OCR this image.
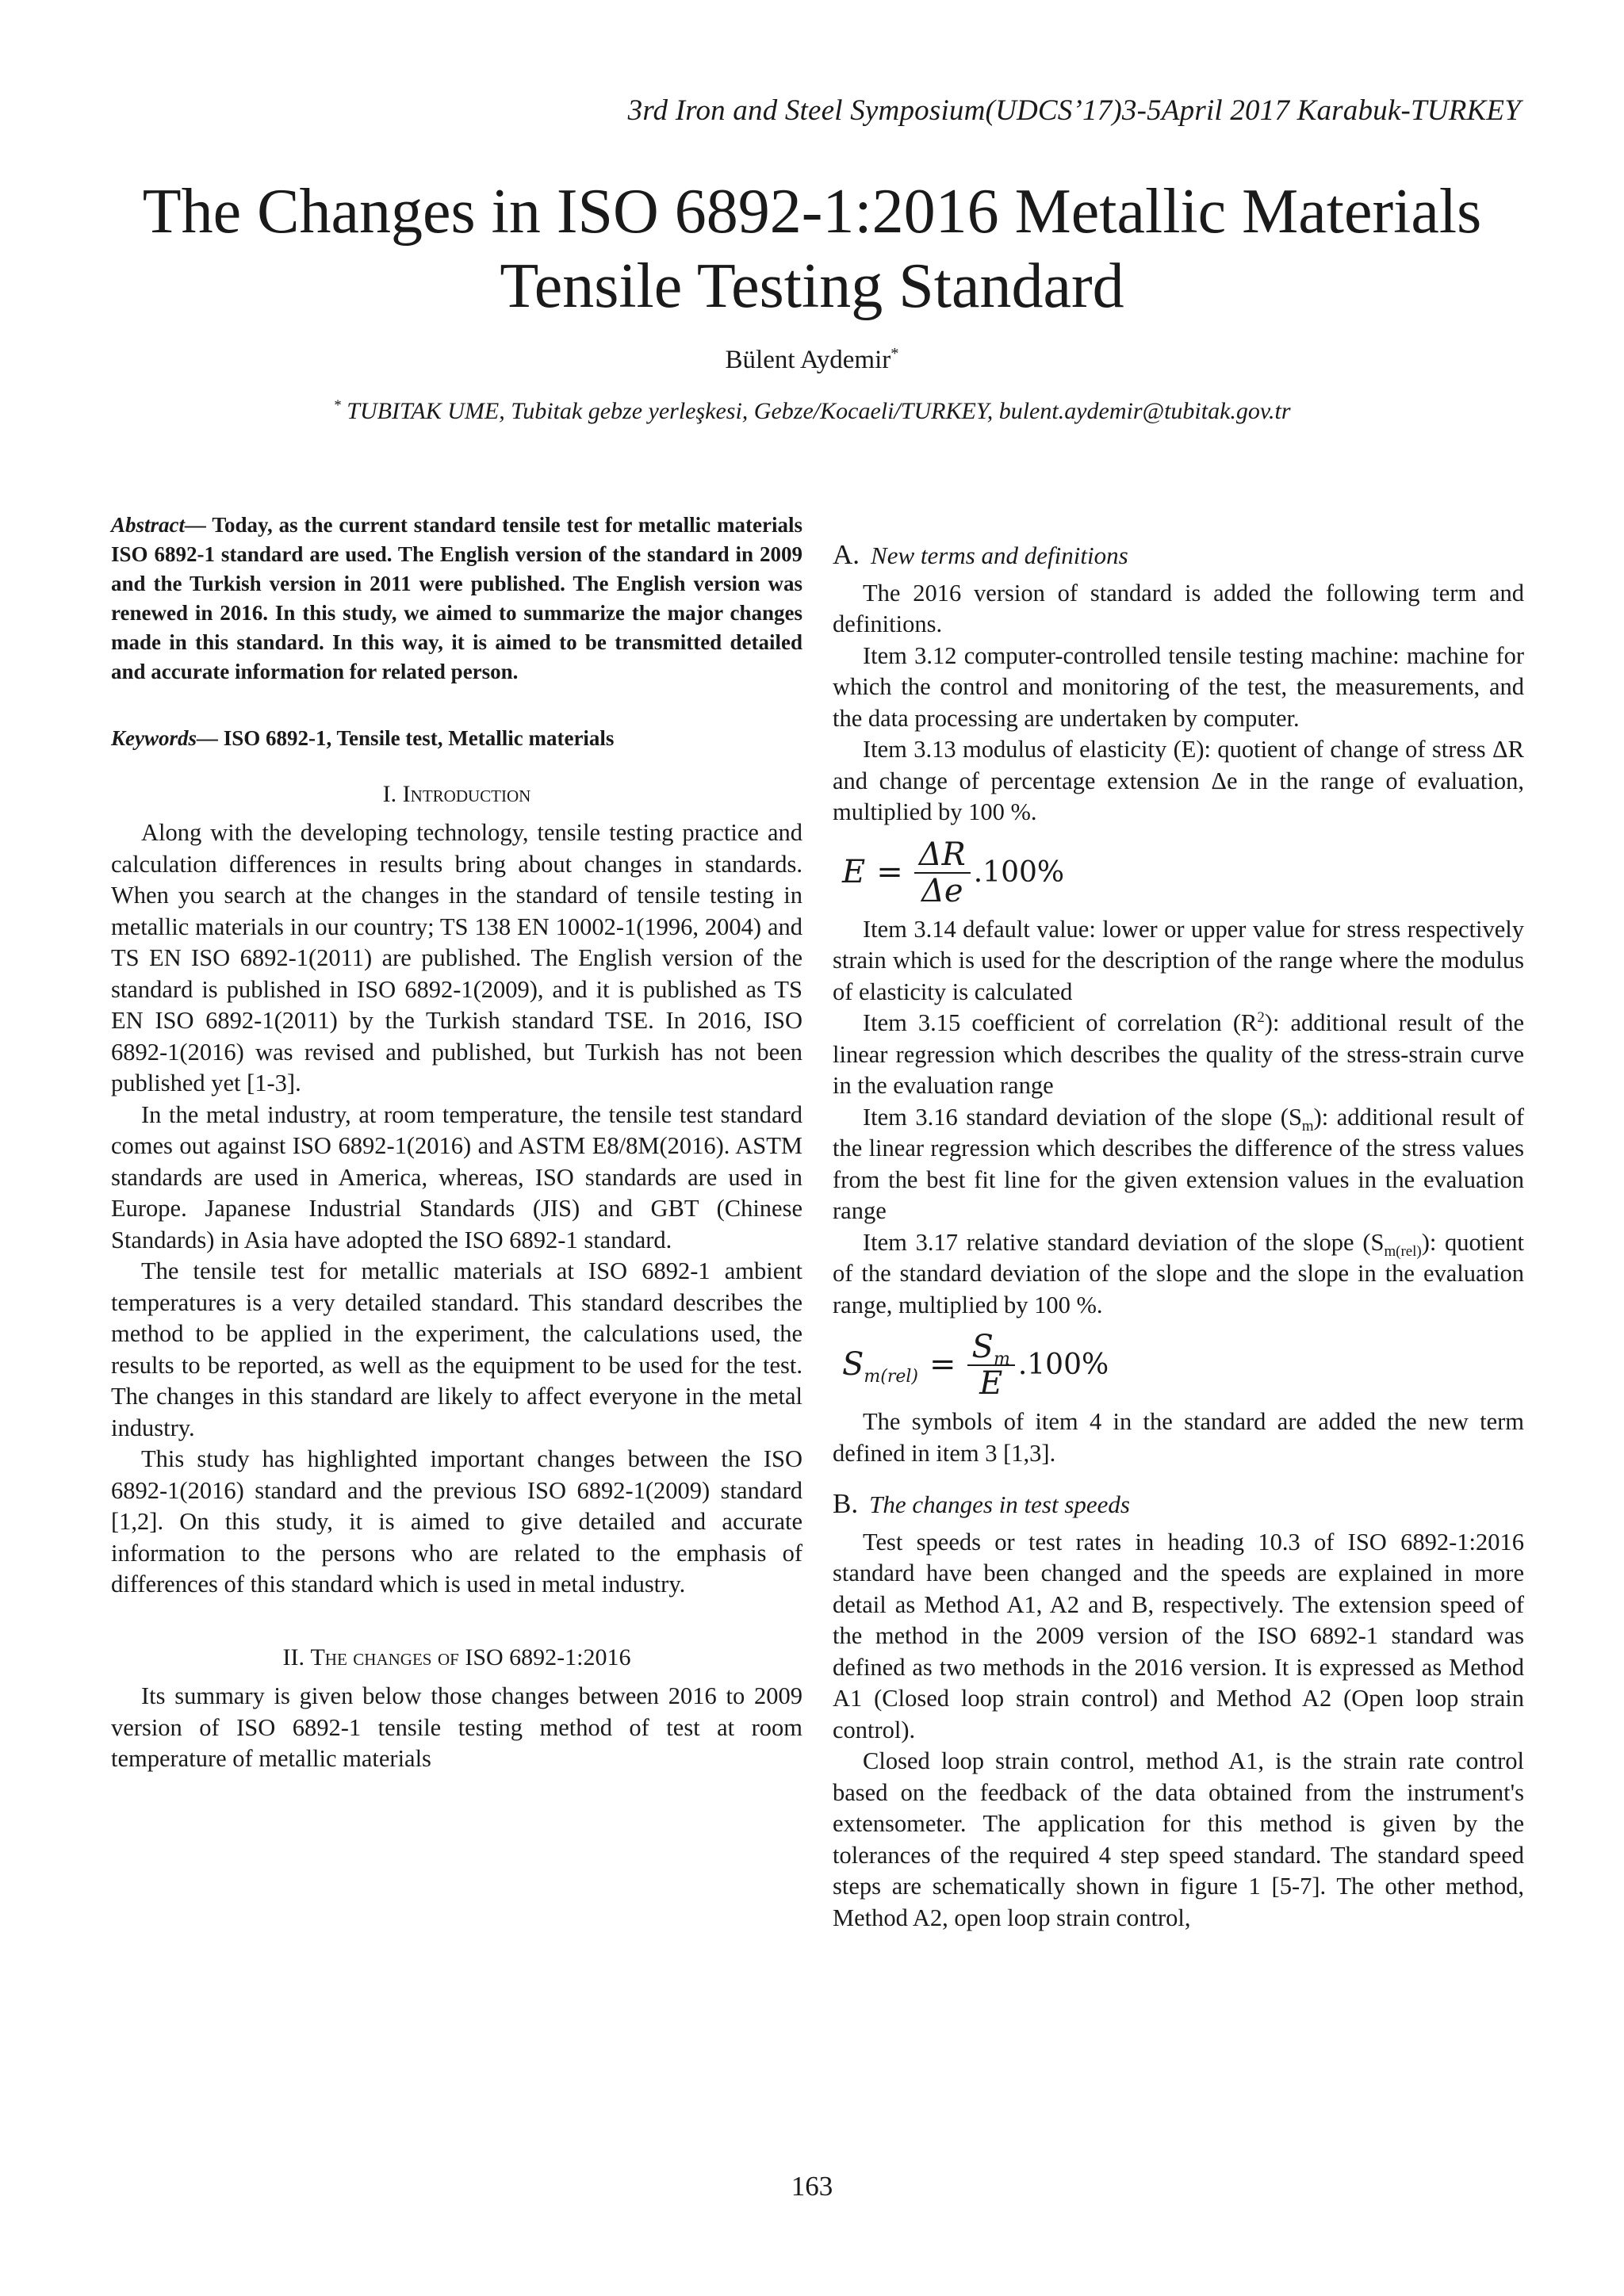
3rd Iron and Steel Symposium(UDCS’17)3-5April 2017 Karabuk-TURKEY
The Changes in ISO 6892-1:2016 Metallic Materials
Tensile Testing Standard
Bülent Aydemir*
* TUBITAK UME, Tubitak gebze yerleşkesi, Gebze/Kocaeli/TURKEY, bulent.aydemir@tubitak.gov.tr

Abstract— Today, as the current standard tensile test for metallic materials ISO 6892-1 standard are used. The English version of the standard in 2009 and the Turkish version in 2011 were published. The English version was renewed in 2016. In this study, we aimed to summarize the major changes made in this standard. In this way, it is aimed to be transmitted detailed and accurate information for related person.

Keywords— ISO 6892-1, Tensile test, Metallic materials

I. Introduction

Along with the developing technology, tensile testing practice and calculation differences in results bring about changes in standards. When you search at the changes in the standard of tensile testing in metallic materials in our country; TS 138 EN 10002-1(1996, 2004) and TS EN ISO 6892-1(2011) are published. The English version of the standard is published in ISO 6892-1(2009), and it is published as TS EN ISO 6892-1(2011) by the Turkish standard TSE. In 2016, ISO 6892-1(2016) was revised and published, but Turkish has not been published yet [1-3].

In the metal industry, at room temperature, the tensile test standard comes out against ISO 6892-1(2016) and ASTM E8/8M(2016). ASTM standards are used in America, whereas, ISO standards are used in Europe. Japanese Industrial Standards (JIS) and GBT (Chinese Standards) in Asia have adopted the ISO 6892-1 standard.

The tensile test for metallic materials at ISO 6892-1 ambient temperatures is a very detailed standard. This standard describes the method to be applied in the experiment, the calculations used, the results to be reported, as well as the equipment to be used for the test. The changes in this standard are likely to affect everyone in the metal industry.

This study has highlighted important changes between the ISO 6892-1(2016) standard and the previous ISO 6892-1(2009) standard [1,2]. On this study, it is aimed to give detailed and accurate information to the persons who are related to the emphasis of differences of this standard which is used in metal industry.

II. The changes of ISO 6892-1:2016

Its summary is given below those changes between 2016 to 2009 version of ISO 6892-1 tensile testing method of test at room temperature of metallic materials

A. New terms and definitions

The 2016 version of standard is added the following term and definitions.

Item 3.12 computer-controlled tensile testing machine: machine for which the control and monitoring of the test, the measurements, and the data processing are undertaken by computer.

Item 3.13 modulus of elasticity (E): quotient of change of stress ΔR and change of percentage extension Δe in the range of evaluation, multiplied by 100 %.

$E = \frac{\Delta R}{\Delta e} .100\%$

Item 3.14 default value: lower or upper value for stress respectively strain which is used for the description of the range where the modulus of elasticity is calculated

Item 3.15 coefficient of correlation $(R^2)$: additional result of the linear regression which describes the quality of the stress-strain curve in the evaluation range

Item 3.16 standard deviation of the slope $(S_m)$: additional result of the linear regression which describes the difference of the stress values from the best fit line for the given extension values in the evaluation range

Item 3.17 relative standard deviation of the slope $(S_{m(rel)})$: quotient of the standard deviation of the slope and the slope in the evaluation range, multiplied by 100 %.

$S_{m(rel)} = \frac{S_m}{E} .100\%$

The symbols of item 4 in the standard are added the new term defined in item 3 [1,3].

B. The changes in test speeds

Test speeds or test rates in heading 10.3 of ISO 6892-1:2016 standard have been changed and the speeds are explained in more detail as Method A1, A2 and B, respectively. The extension speed of the method in the 2009 version of the ISO 6892-1 standard was defined as two methods in the 2016 version. It is expressed as Method A1 (Closed loop strain control) and Method A2 (Open loop strain control).

Closed loop strain control, method A1, is the strain rate control based on the feedback of the data obtained from the instrument's extensometer. The application for this method is given by the tolerances of the required 4 step speed standard. The standard speed steps are schematically shown in figure 1 [5-7]. The other method, Method A2, open loop strain control,

163
